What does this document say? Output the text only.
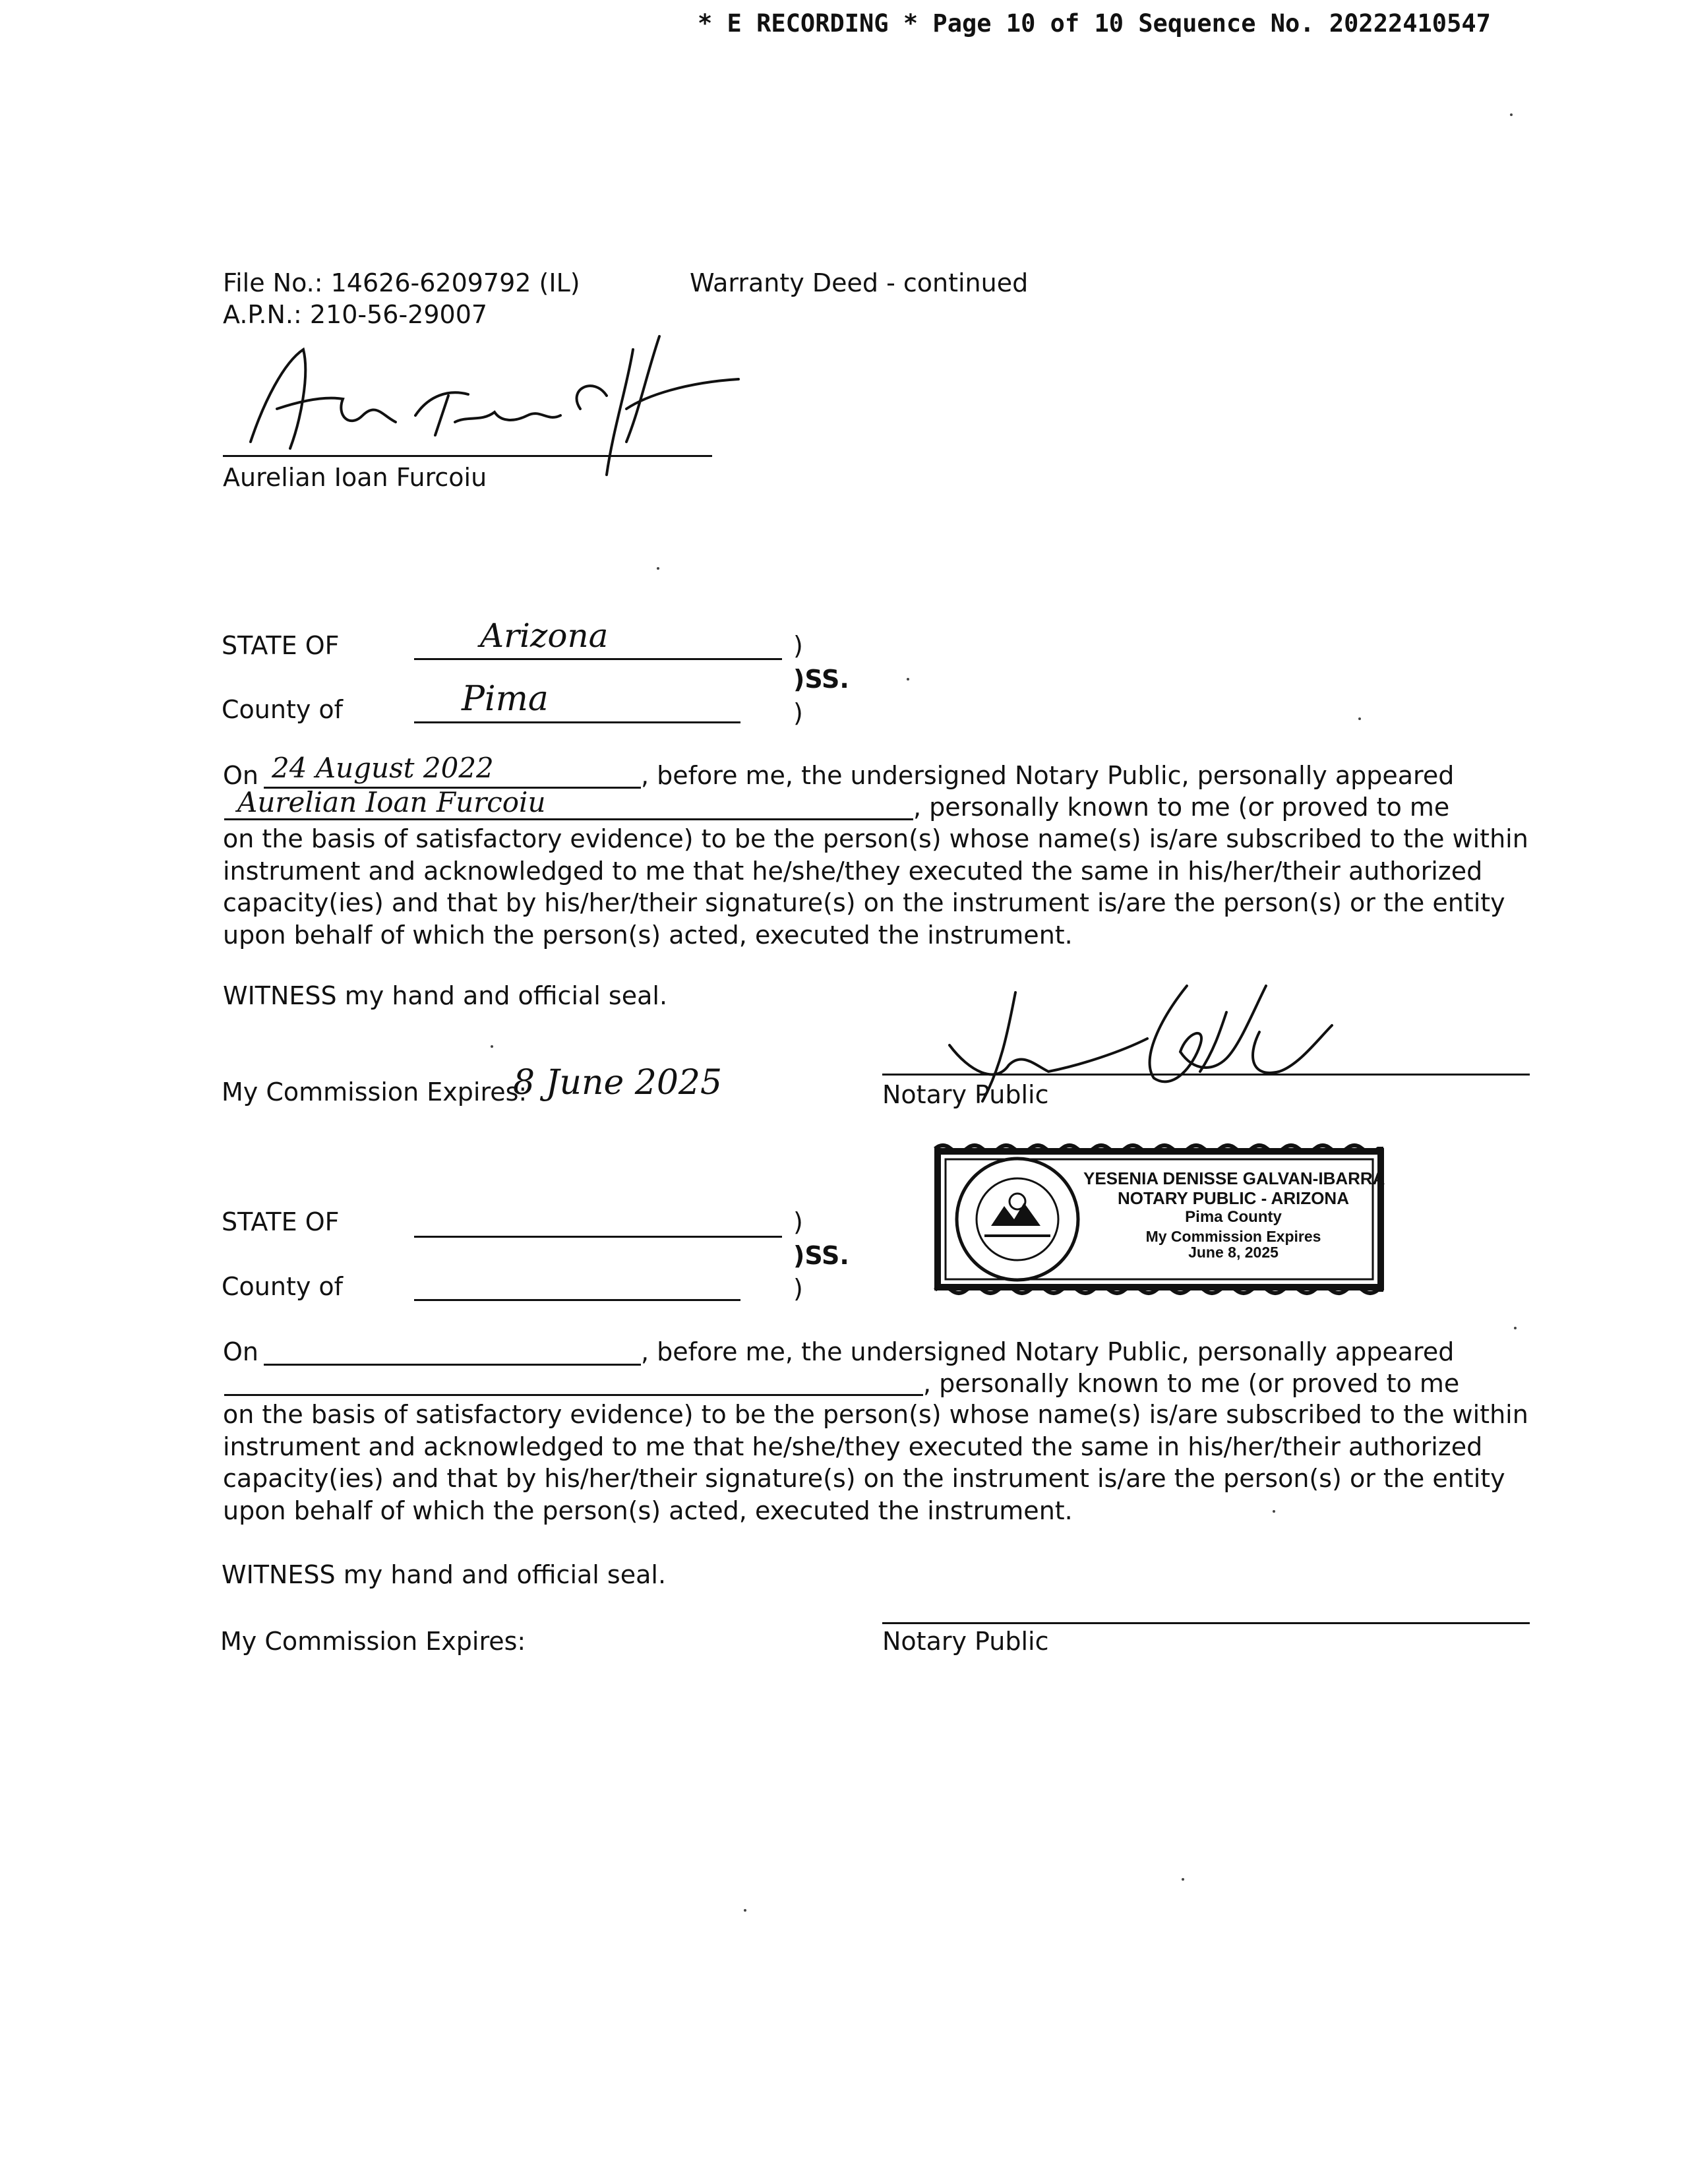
* E RECORDING * Page 10 of 10 Sequence No. 20222410547
File No.: 14626-6209792 (IL)
A.P.N.: 210-56-29007
Warranty Deed - continued
Aurelian Ioan Furcoiu
STATE OF	Arizona	)
)SS.
County of	Pima	)
On 24 August 2022	, before me, the undersigned Notary Public, personally appeared
Aurelian Ioan Furcoiu	, personally known to me (or proved to me

on the basis of satisfactory evidence) to be the person(s) whose name(s) is/are subscribed to the within

instrument and acknowledged to me that he/she/they executed the same in his/her/their authorized

capacity(ies) and that by his/her/their signature(s) on the instrument is/are the person(s) or the entity

upon behalf of which the person(s) acted, executed the instrument.

WITNESS my hand and official seal.
My Commission Expires:
8 June 2025	Notary Public
YESENIA DENISSE GALVAN-IBARRA
NOTARY PUBLIC - ARIZONA
Pima County
My Commission Expires
June 8, 2025
STATE OF	)
)SS.
County of	)
On	, before me, the undersigned Notary Public, personally appeared
, personally known to me (or proved to me

on the basis of satisfactory evidence) to be the person(s) whose name(s) is/are subscribed to the within

instrument and acknowledged to me that he/she/they executed the same in his/her/their authorized

capacity(ies) and that by his/her/their signature(s) on the instrument is/are the person(s) or the entity

upon behalf of which the person(s) acted, executed the instrument.

WITNESS my hand and official seal.
My Commission Expires:	Notary Public
